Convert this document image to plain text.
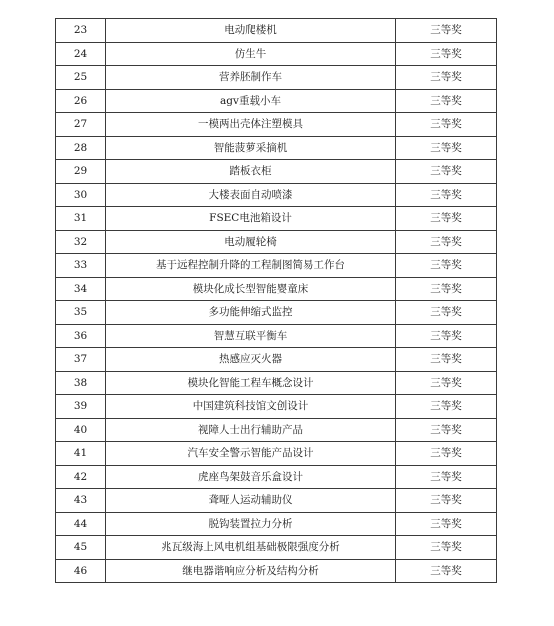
23	电动爬楼机	三等奖
24	仿生牛	三等奖
25	营养胚制作车	三等奖
26	agv重载小车	三等奖
27	一模两出壳体注塑模具	三等奖
28	智能菠萝采摘机	三等奖
29	踏板衣柜	三等奖
30	大楼表面自动喷漆	三等奖
31	FSEC电池箱设计	三等奖
32	电动履轮椅	三等奖
33	基于远程控制升降的工程制图简易工作台	三等奖
34	模块化成长型智能婴童床	三等奖
35	多功能伸缩式监控	三等奖
36	智慧互联平衡车	三等奖
37	热感应灭火器	三等奖
38	模块化智能工程车概念设计	三等奖
39	中国建筑科技馆文创设计	三等奖
40	视障人士出行辅助产品	三等奖
41	汽车安全警示智能产品设计	三等奖
42	虎座鸟架鼓音乐盒设计	三等奖
43	聋哑人运动辅助仪	三等奖
44	脱钩装置拉力分析	三等奖
45	兆瓦级海上风电机组基础极限强度分析	三等奖
46	继电器谐响应分析及结构分析	三等奖
